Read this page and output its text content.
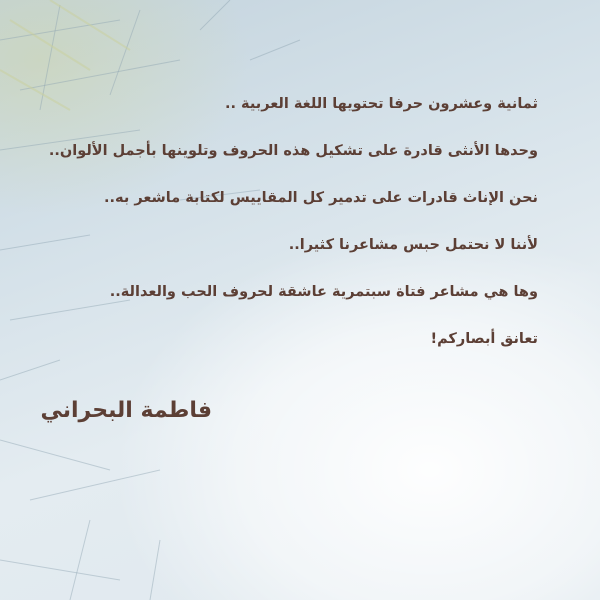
ثمانية وعشرون حرفا تحتويها اللغة العربية ..
وحدها الأنثى قادرة على تشكيل هذه الحروف وتلوينها بأجمل الألوان..
نحن الإناث قادرات على تدمير كل المقاييس لكتابة ماشعر به..
لأننا لا نحتمل حبس مشاعرنا كثيرا..
وها هي مشاعر فتاة سبتمرية عاشقة لحروف الحب والعدالة..
تعانق أبصاركم!
فاطمة البحراني
